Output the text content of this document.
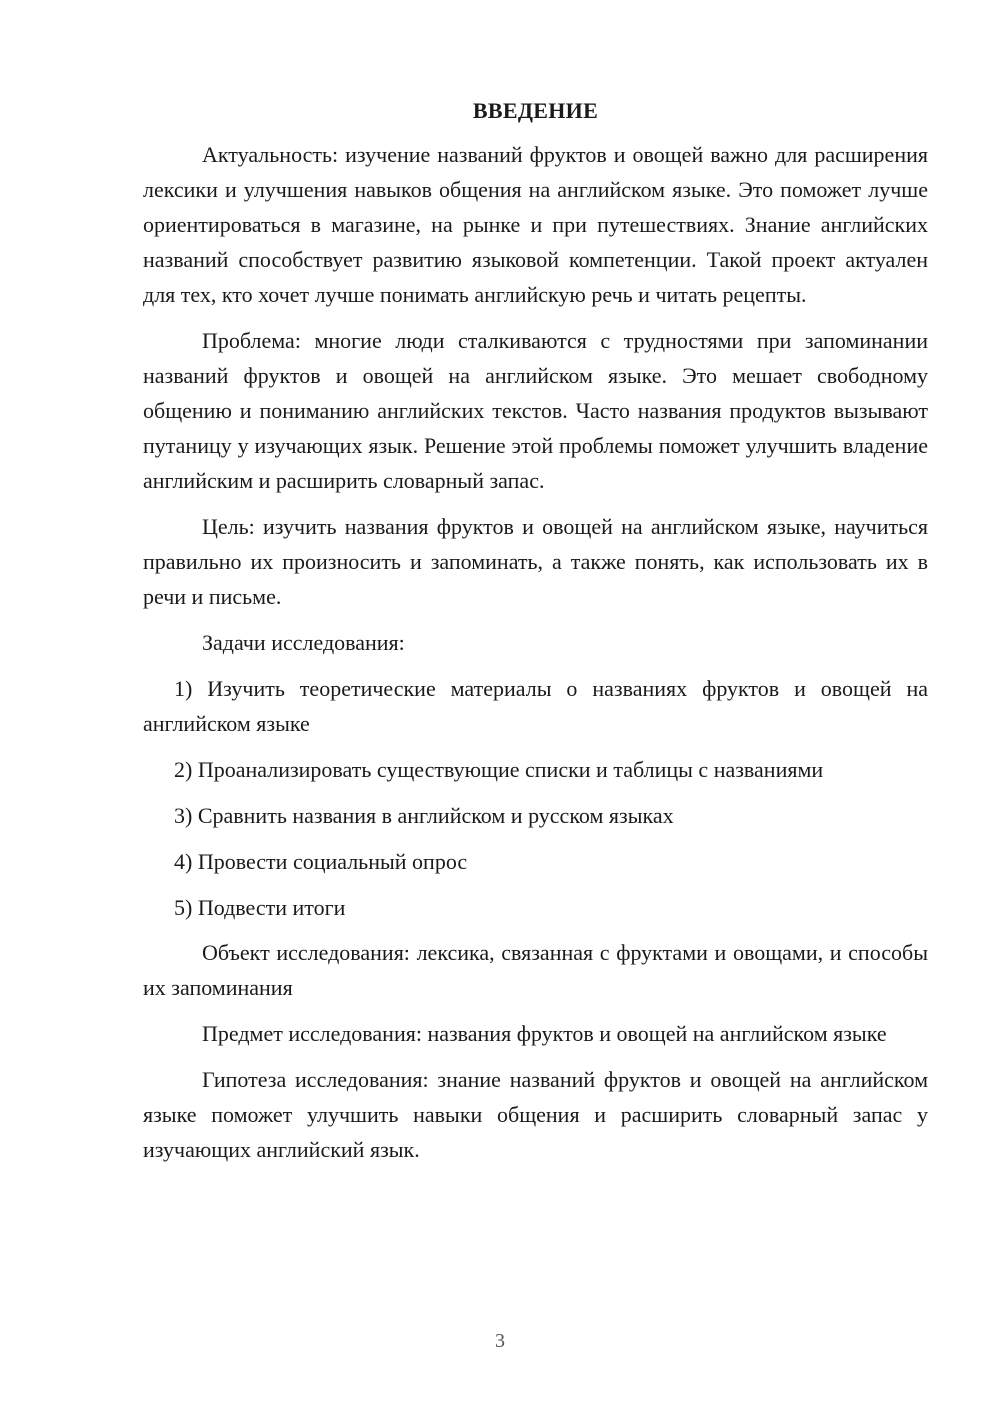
ВВЕДЕНИЕ

Актуальность: изучение названий фруктов и овощей важно для расширения лексики и улучшения навыков общения на английском языке. Это поможет лучше ориентироваться в магазине, на рынке и при путешествиях. Знание английских названий способствует развитию языковой компетенции. Такой проект актуален для тех, кто хочет лучше понимать английскую речь и читать рецепты.

Проблема: многие люди сталкиваются с трудностями при запоминании названий фруктов и овощей на английском языке. Это мешает свободному общению и пониманию английских текстов. Часто названия продуктов вызывают путаницу у изучающих язык. Решение этой проблемы поможет улучшить владение английским и расширить словарный запас.

Цель: изучить названия фруктов и овощей на английском языке, научиться правильно их произносить и запоминать, а также понять, как использовать их в речи и письме.

Задачи исследования:

1) Изучить теоретические материалы о названиях фруктов и овощей на английском языке

2) Проанализировать существующие списки и таблицы с названиями

3) Сравнить названия в английском и русском языках

4) Провести социальный опрос

5) Подвести итоги

Объект исследования: лексика, связанная с фруктами и овощами, и способы их запоминания

Предмет исследования: названия фруктов и овощей на английском языке

Гипотеза исследования: знание названий фруктов и овощей на английском языке поможет улучшить навыки общения и расширить словарный запас у изучающих английский язык.

3
